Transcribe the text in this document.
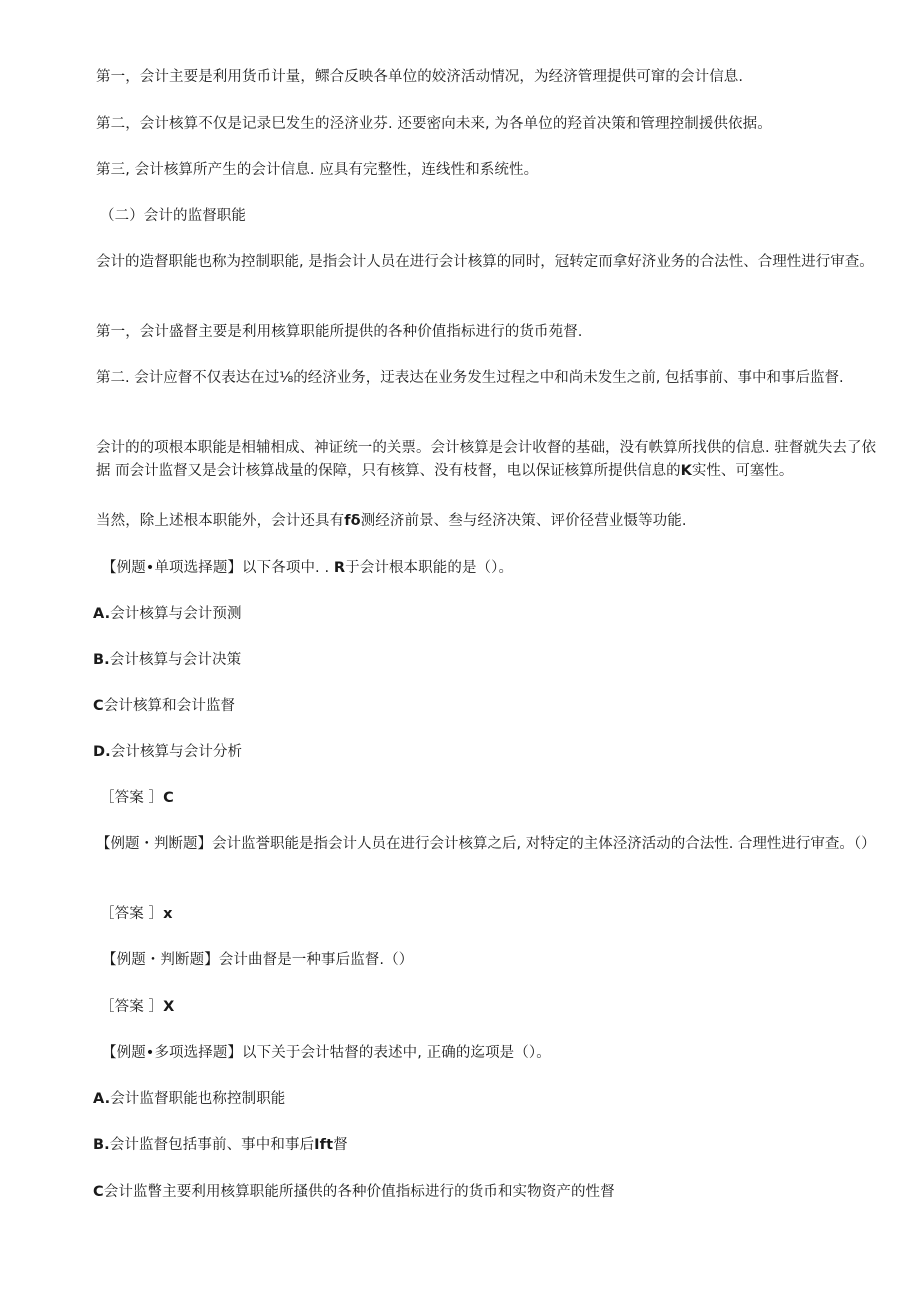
第一，会计主要是利用货币计量，鳏合反映各单位的姣济活动情况，为经济管理提供可窜的会计信息.
第二，会计核算不仅是记录巳发生的泾济业芬. 还要密向未来, 为各单位的羟首决策和管理控制援供依据。
第三, 会计核算所产生的会计信息. 应具有完整性，连线性和系统性。
（二）会计的监督职能
会计的造督职能也称为控制职能, 是指会计人员在进行会计核算的同时，冠转定而拿好济业务的合法性、合理性进行审查。
第一，会计盛督主要是利用核算职能所提供的各种价值指标进行的货币苑督.
第二. 会计应督不仅表达在过⅛的经济业务，迂表达在业务发生过程之中和尚未发生之前, 包括事前、事中和事后监督.
会计的的项根本职能是相辅相成、神证统一的关票。会计核算是会计收督的基础，没有帙算所找供的信息. 驻督就失去了依据 而会计监督又是会计核算战量的保障，只有核算、没有枝督，电以保证核算所提供信息的K实性、可塞性。
当然，除上述根本职能外，会计还具有fδ测经济前景、叁与经济决策、评价径营业慑等功能.
【例题•单项选择题】以下各项中. . R于会计根本职能的是（）。
A.会计核算与会计预测
B.会计核算与会计决策
C会计核算和会计监督
D.会计核算与会计分析
［答案 ］C
【例题・判断题】会计监誉职能是指会计人员在进行会计核算之后, 对特定的主体泾济活动的合法性. 合理性进行审查。（）
［答案 ］x
【例题・判断题】会计曲督是一种事后监督.（）
［答案 ］X
【例题•多项选择题】以下关于会计牯督的表述中, 正确的迄项是（）。
A.会计监督职能也称控制职能
B.会计监督包括事前、事中和事后Ift督
C会计监瞥主要利用核算职能所搔供的各种价值指标进行的货币和实物资产的性督
